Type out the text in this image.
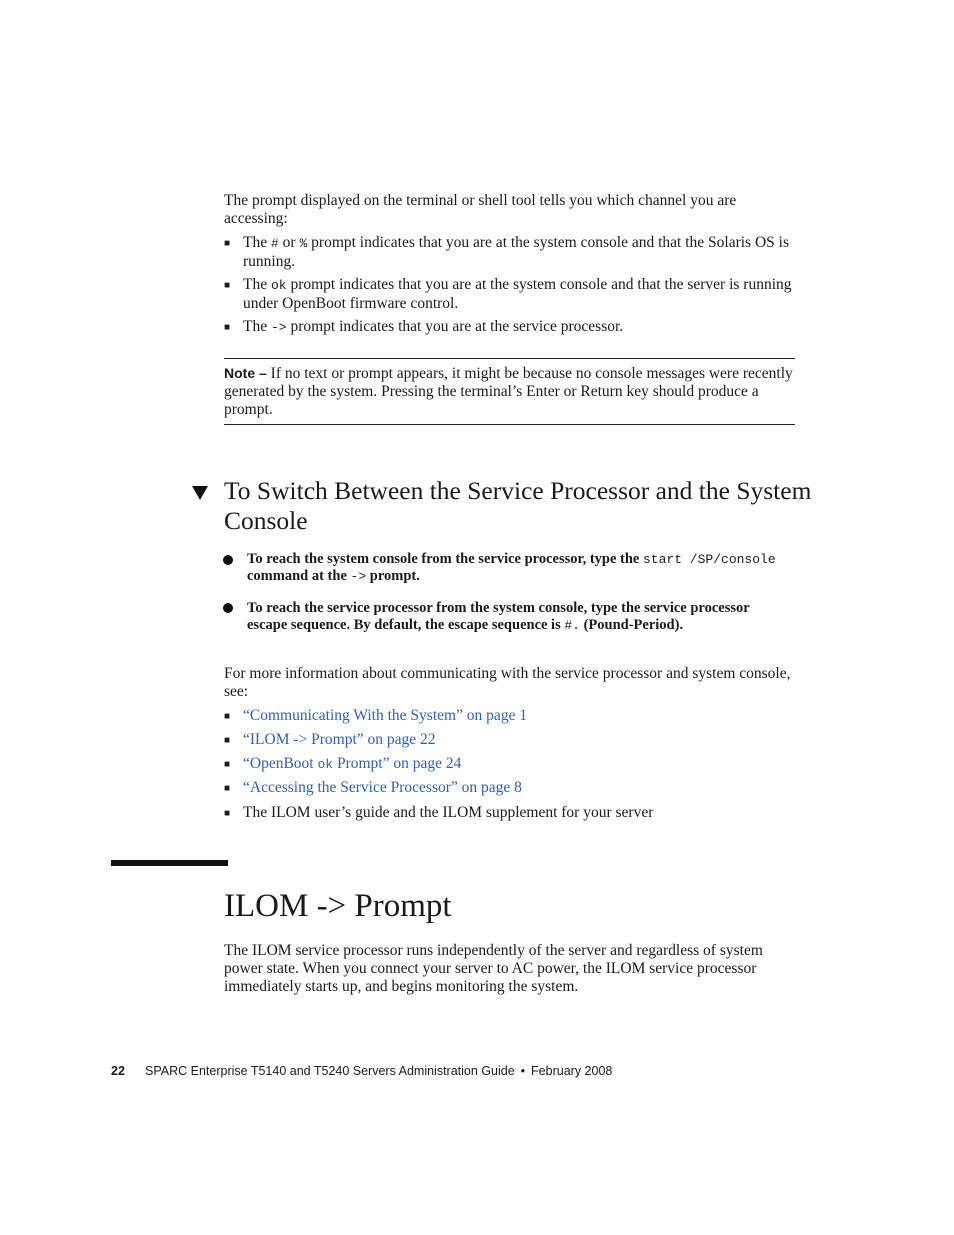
The prompt displayed on the terminal or shell tool tells you which channel you are accessing:
■ The # or % prompt indicates that you are at the system console and that the Solaris OS is running.
■ The ok prompt indicates that you are at the system console and that the server is running under OpenBoot firmware control.
■ The -> prompt indicates that you are at the service processor.
Note – If no text or prompt appears, it might be because no console messages were recently generated by the system. Pressing the terminal’s Enter or Return key should produce a prompt.
To Switch Between the Service Processor and the System Console
To reach the system console from the service processor, type the start /SP/console command at the -> prompt.
To reach the service processor from the system console, type the service processor escape sequence. By default, the escape sequence is #. (Pound-Period).
For more information about communicating with the service processor and system console, see:
■ “Communicating With the System” on page 1
■ “ILOM -> Prompt” on page 22
■ “OpenBoot ok Prompt” on page 24
■ “Accessing the Service Processor” on page 8
■ The ILOM user’s guide and the ILOM supplement for your server
ILOM -> Prompt
The ILOM service processor runs independently of the server and regardless of system power state. When you connect your server to AC power, the ILOM service processor immediately starts up, and begins monitoring the system.
22 SPARC Enterprise T5140 and T5240 Servers Administration Guide • February 2008
